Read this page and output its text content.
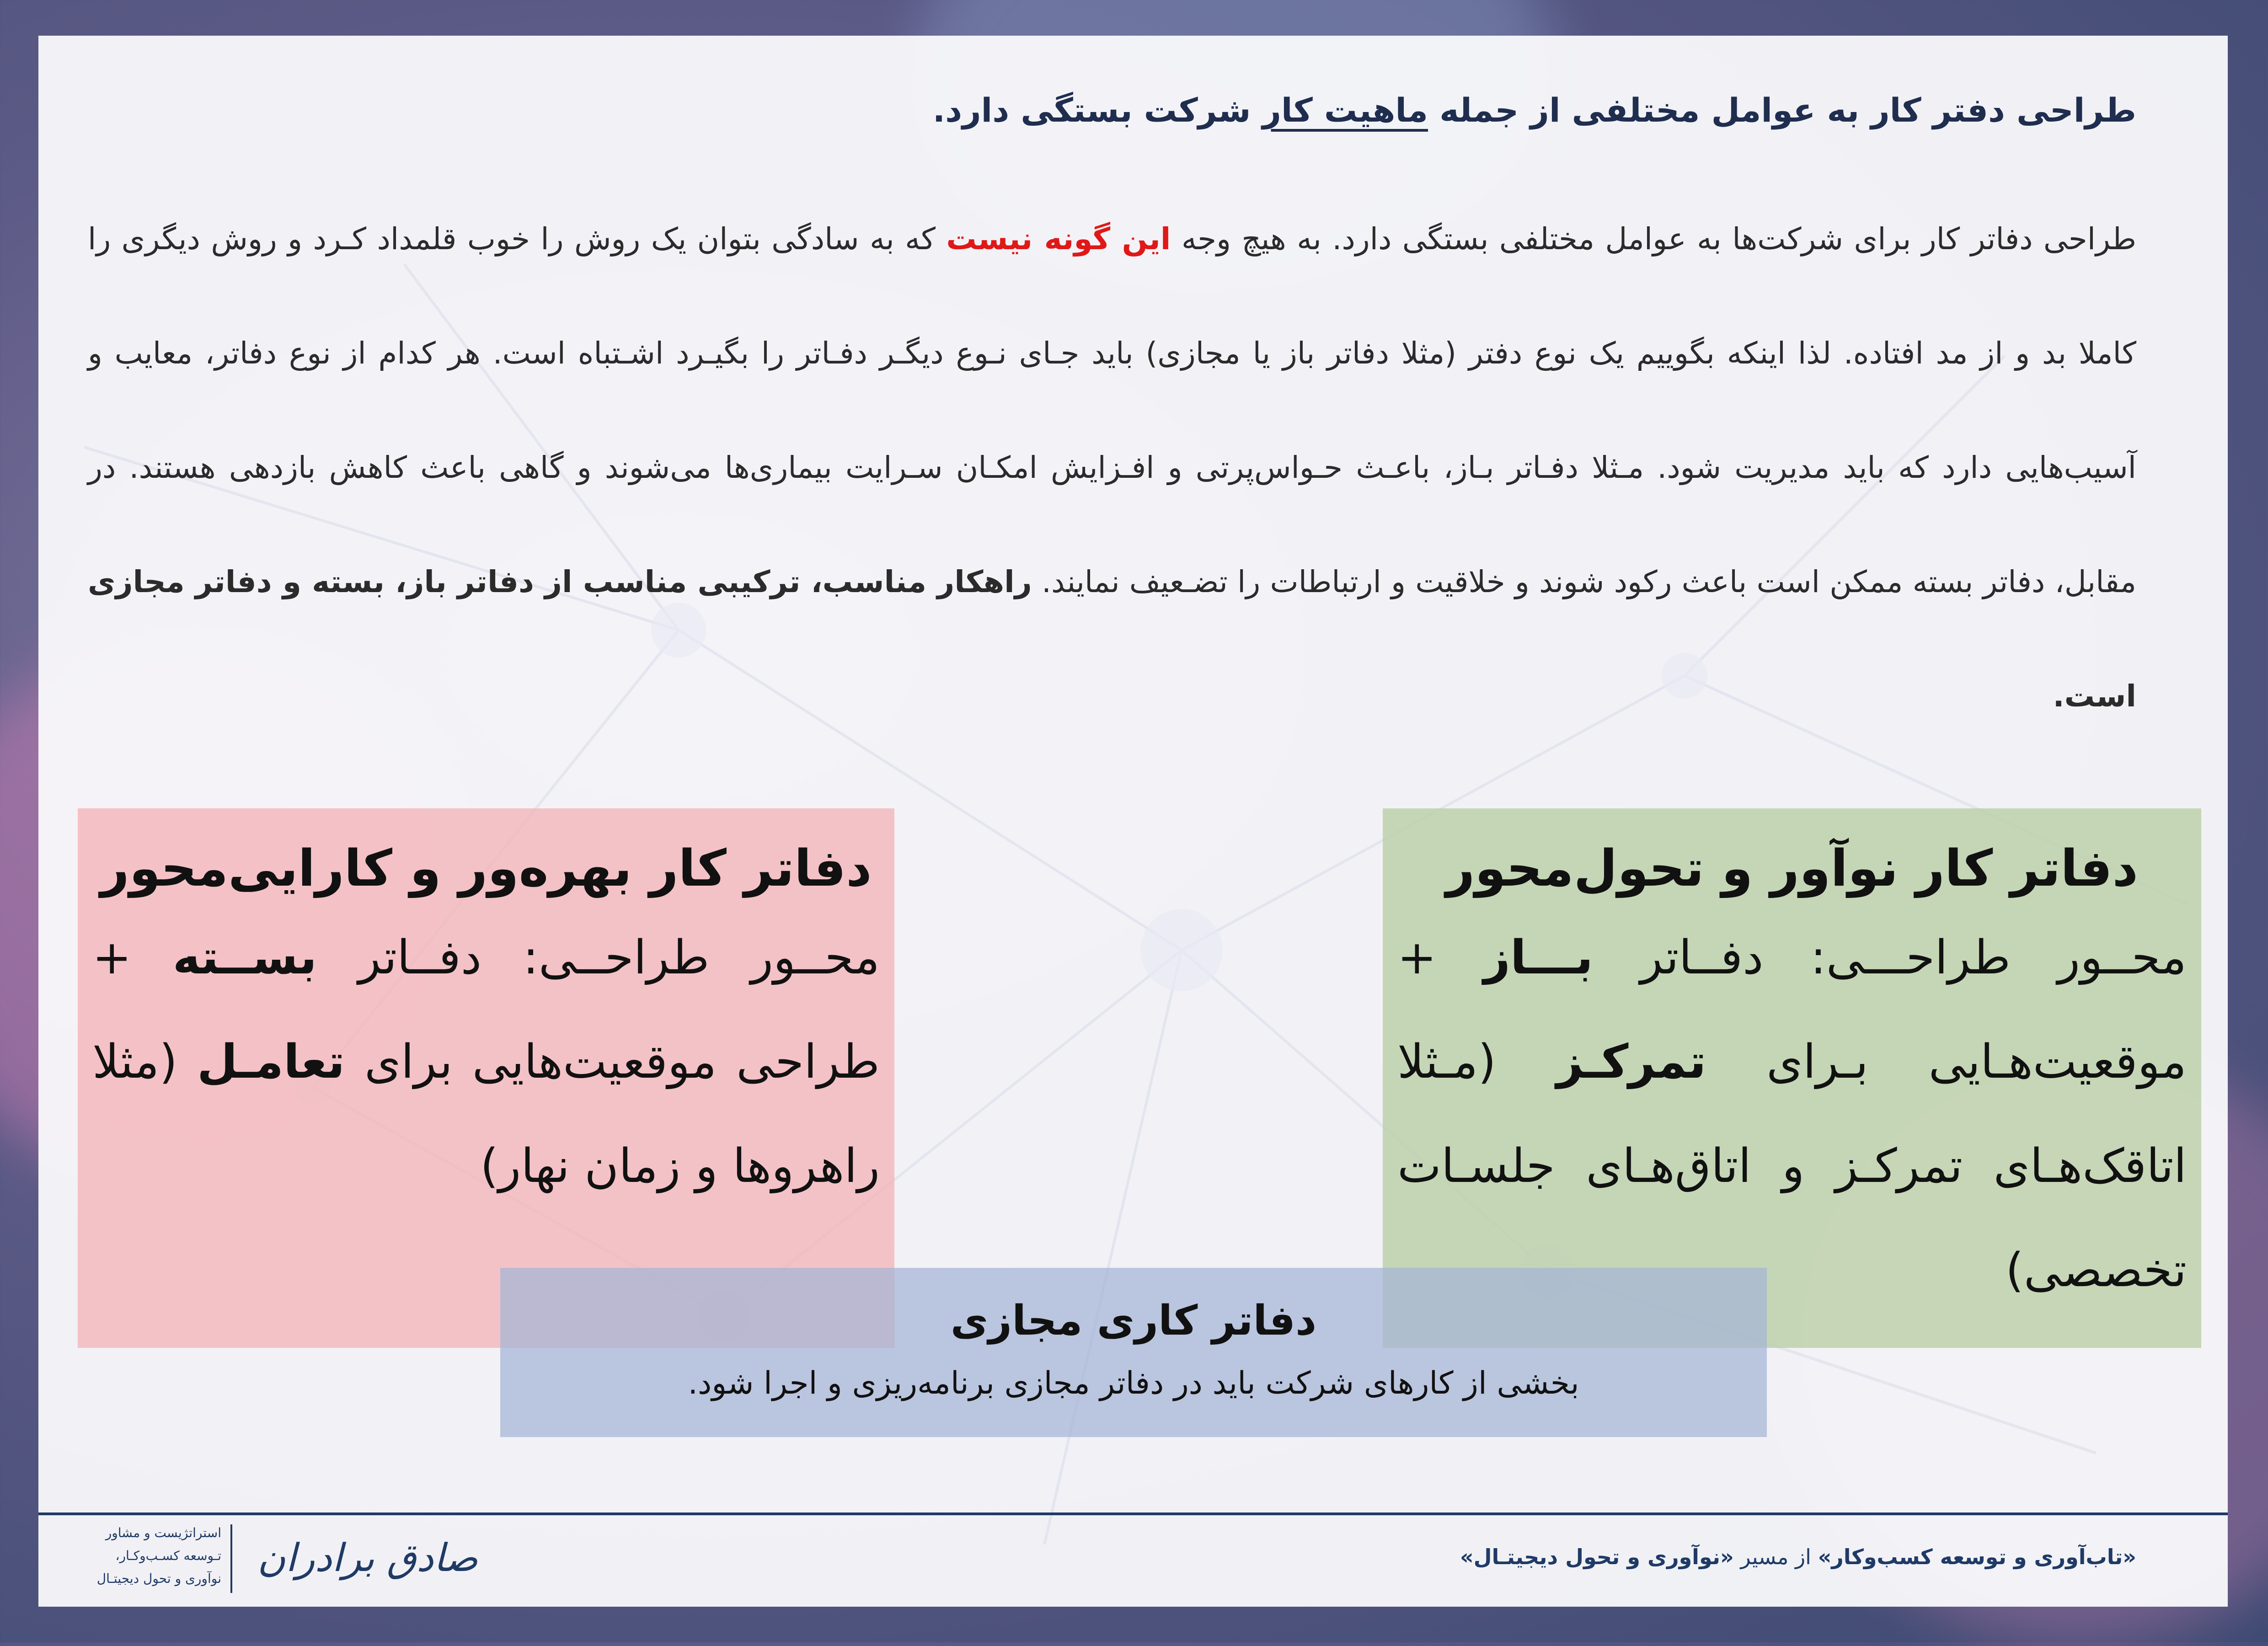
طراحی دفتر کار به عوامل مختلفی از جمله ماهیت کار شرکت بستگی دارد.
طراحی دفاتر کار برای شرکت‌ها به عوامل مختلفی بستگی دارد. به هیچ وجه این گونه نیست که به سادگی بتوان یک روش را خوب قلمداد کـرد و روش دیگری را کاملا بد و از مد افتاده. لذا اینکه بگوییم یک نوع دفتر (مثلا دفاتر باز یا مجازی) باید جـای نـوع دیگـر دفـاتر را بگیـرد اشـتباه است. هر کدام از نوع دفاتر، معایب و آسیب‌هایی دارد که باید مدیریت شود. مـثلا دفـاتر بـاز، باعـث حـواس‌پرتی و افـزایش امکـان سـرایت بیماری‌ها می‌شوند و گاهی باعث کاهش بازدهی هستند. در مقابل، دفاتر بسته ممکن است باعث رکود شوند و خلاقیت و ارتباطات را تضـعیف نمایند. راهکار مناسب، ترکیبی مناسب از دفاتر باز، بسته و دفاتر مجازی است.
دفاتر کار بهره‌ور و کارایی‌محور
محــور طراحــی: دفــاتر بســته + طراحی موقعیت‌هایی برای تعامـل (مثلا راهروها و زمان نهار)
دفاتر کار نوآور و تحول‌محور
محــور طراحـــی: دفــاتر بـــاز + موقعیت‌هـایی بـرای تمرکـز (مـثلا اتاقک‌هـای تمرکـز و اتاق‌هـای جلسـات تخصصی)
دفاتر کاری مجازی
بخشی از کارهای شرکت باید در دفاتر مجازی برنامه‌ریزی و اجرا شود.
«تاب‌آوری و توسعه کسب‌وکار» از مسیر «نوآوری و تحول دیجیتـال»
استراتژیست و مشاور
تـوسعه کسـب‌وکـار،
نوآوری و تحول دیجیتـال صادق برادران
